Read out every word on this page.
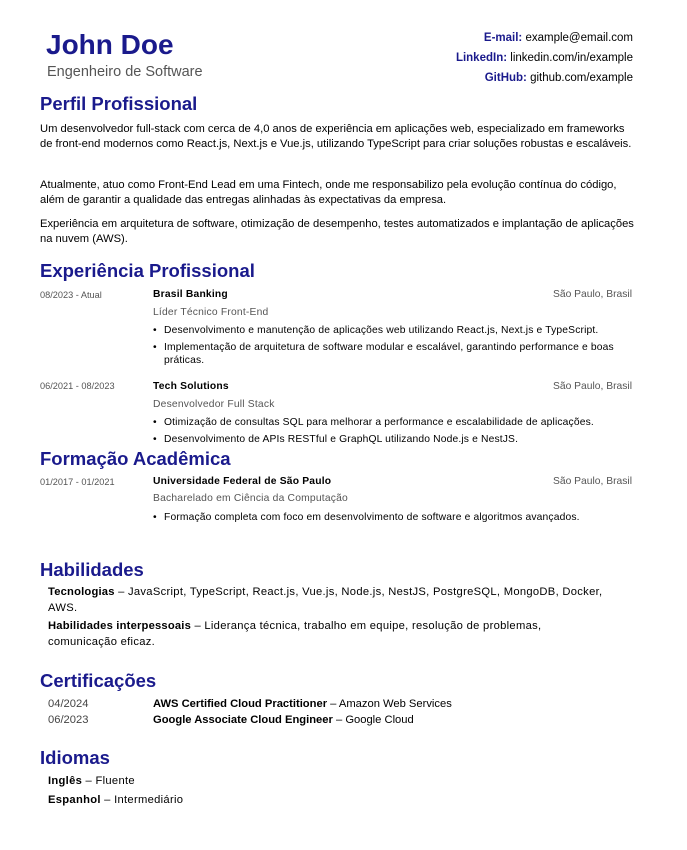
John Doe
Engenheiro de Software
E-mail: example@email.com
LinkedIn: linkedin.com/in/example
GitHub: github.com/example
Perfil Profissional
Um desenvolvedor full-stack com cerca de 4,0 anos de experiência em aplicações web, especializado em frameworks de front-end modernos como React.js, Next.js e Vue.js, utilizando TypeScript para criar soluções robustas e escaláveis.
Atualmente, atuo como Front-End Lead em uma Fintech, onde me responsabilizo pela evolução contínua do código, além de garantir a qualidade das entregas alinhadas às expectativas da empresa.
Experiência em arquitetura de software, otimização de desempenho, testes automatizados e implantação de aplicações na nuvem (AWS).
Experiência Profissional
08/2023 - Atual	Brasil Banking	São Paulo, Brasil
Líder Técnico Front-End
• Desenvolvimento e manutenção de aplicações web utilizando React.js, Next.js e TypeScript.
• Implementação de arquitetura de software modular e escalável, garantindo performance e boas práticas.
06/2021 - 08/2023	Tech Solutions	São Paulo, Brasil
Desenvolvedor Full Stack
• Otimização de consultas SQL para melhorar a performance e escalabilidade de aplicações.
• Desenvolvimento de APIs RESTful e GraphQL utilizando Node.js e NestJS.
Formação Acadêmica
01/2017 - 01/2021	Universidade Federal de São Paulo	São Paulo, Brasil
Bacharelado em Ciência da Computação
• Formação completa com foco em desenvolvimento de software e algoritmos avançados.
Habilidades
Tecnologias – JavaScript, TypeScript, React.js, Vue.js, Node.js, NestJS, PostgreSQL, MongoDB, Docker, AWS.
Habilidades interpessoais – Liderança técnica, trabalho em equipe, resolução de problemas, comunicação eficaz.
Certificações
04/2024	AWS Certified Cloud Practitioner – Amazon Web Services
06/2023	Google Associate Cloud Engineer – Google Cloud
Idiomas
Inglês – Fluente
Espanhol – Intermediário
